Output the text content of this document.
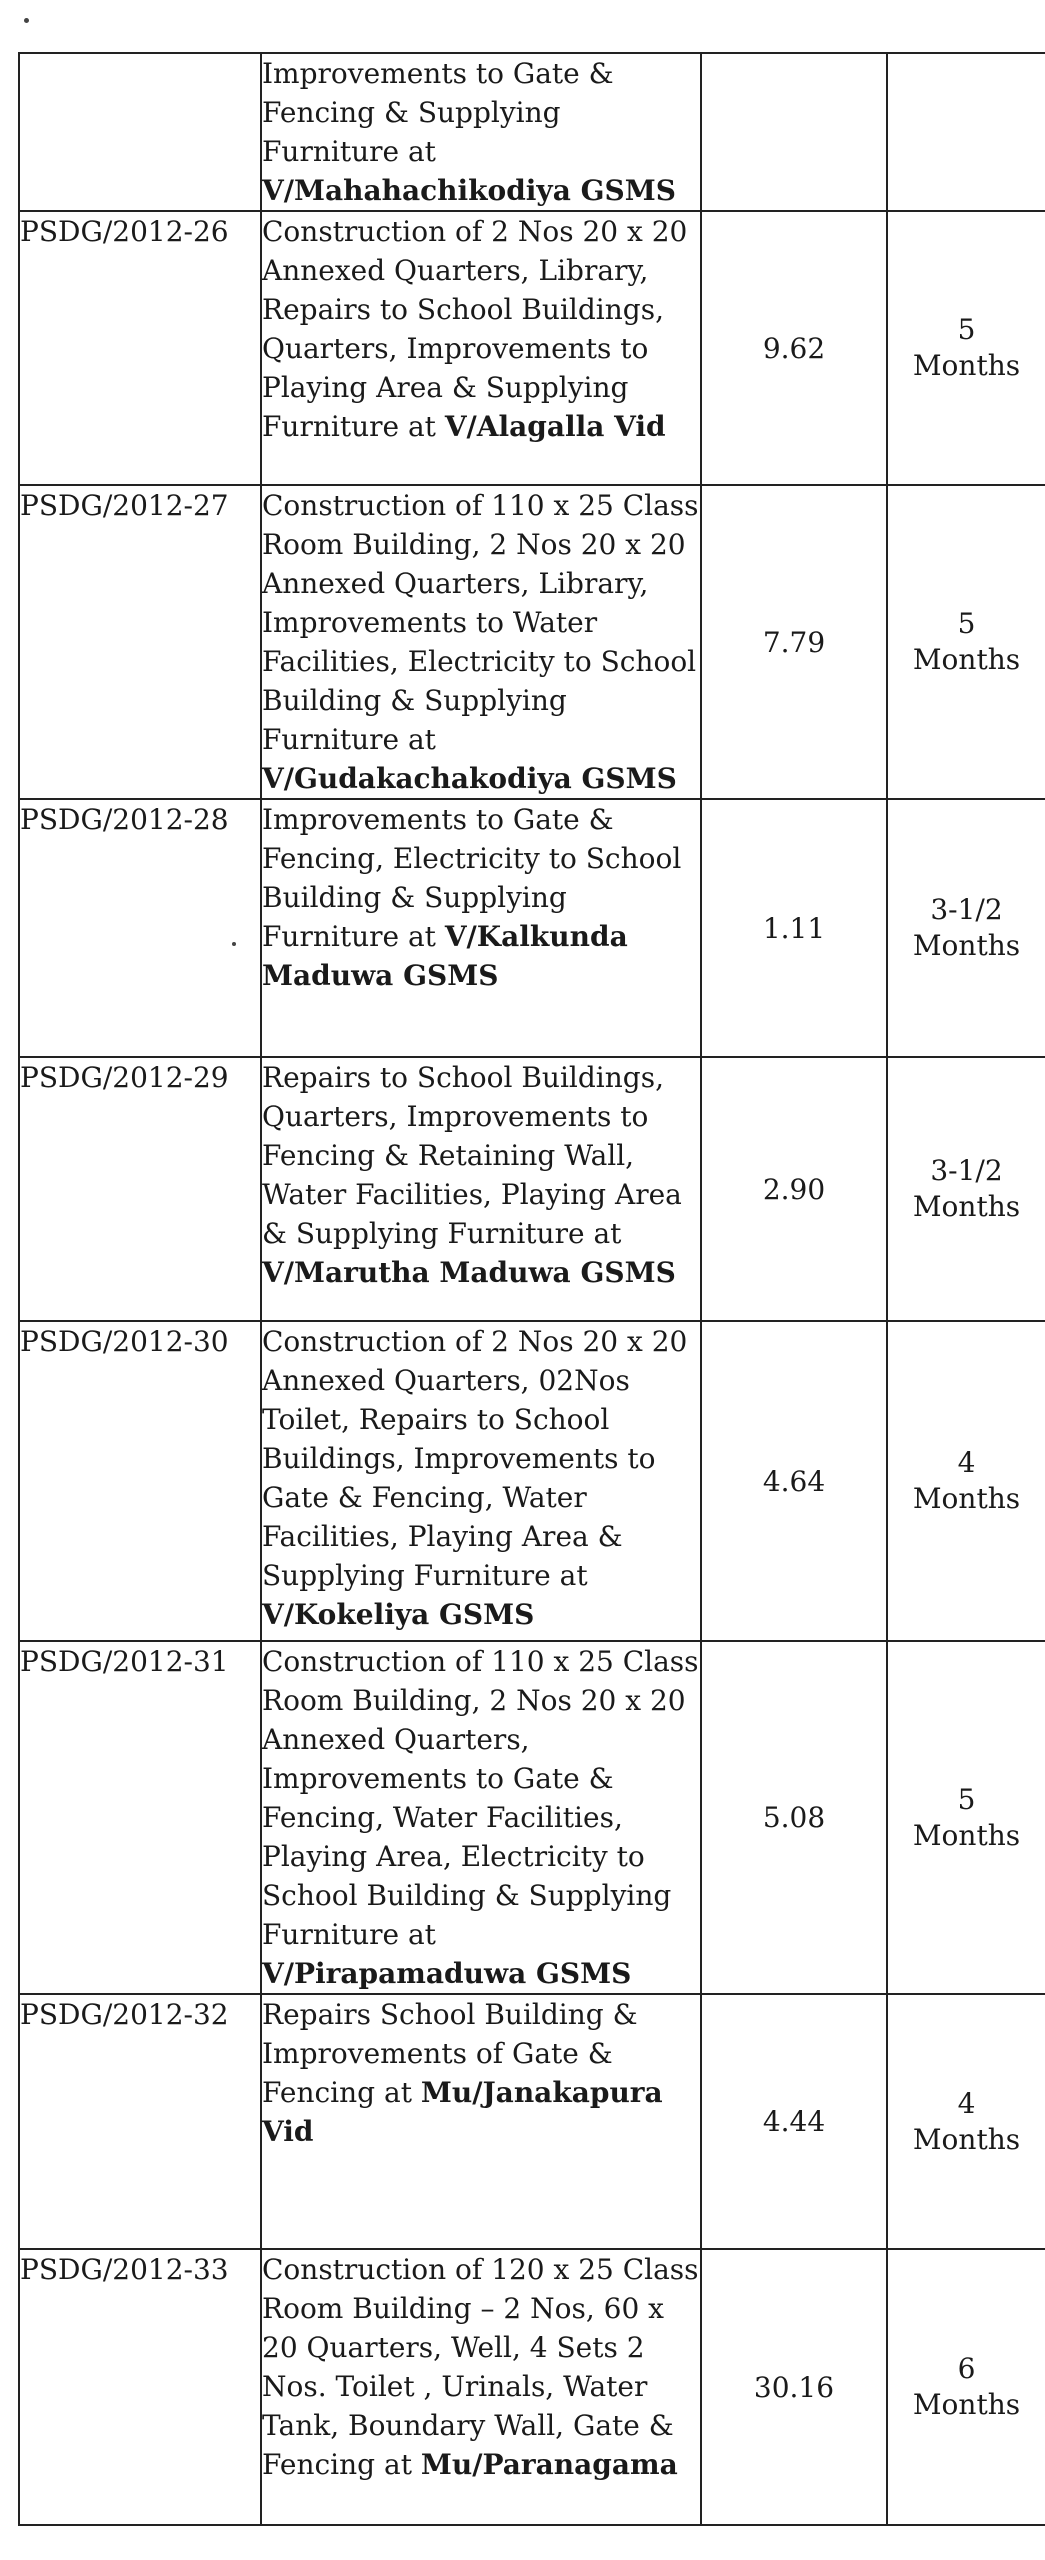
	Improvements to Gate & Fencing & Supplying Furniture at V/Mahahachikodiya GSMS		

PSDG/2012-26	Construction of 2 Nos 20 x 20 Annexed Quarters, Library, Repairs to School Buildings, Quarters, Improvements to Playing Area & Supplying Furniture at V/Alagalla Vid	9.62	5
Months

PSDG/2012-27	Construction of 110 x 25 Class Room Building, 2 Nos 20 x 20 Annexed Quarters, Library, Improvements to Water Facilities, Electricity to School Building & Supplying Furniture at V/Gudakachakodiya GSMS	7.79	5
Months

PSDG/2012-28	Improvements to Gate & Fencing, Electricity to School Building & Supplying Furniture at V/Kalkunda Maduwa GSMS	1.11	3-1/2
Months

PSDG/2012-29	Repairs to School Buildings, Quarters, Improvements to Fencing & Retaining Wall, Water Facilities, Playing Area & Supplying Furniture at V/Marutha Maduwa GSMS	2.90	3-1/2
Months

PSDG/2012-30	Construction of 2 Nos 20 x 20 Annexed Quarters, 02Nos Toilet, Repairs to School Buildings, Improvements to Gate & Fencing, Water Facilities, Playing Area & Supplying Furniture at V/Kokeliya GSMS	4.64	4
Months

PSDG/2012-31	Construction of 110 x 25 Class Room Building, 2 Nos 20 x 20 Annexed Quarters, Improvements to Gate & Fencing, Water Facilities, Playing Area, Electricity to School Building & Supplying Furniture at V/Pirapamaduwa GSMS	5.08	5
Months

PSDG/2012-32	Repairs School Building & Improvements of Gate & Fencing at Mu/Janakapura Vid	4.44	4
Months

PSDG/2012-33	Construction of 120 x 25 Class Room Building – 2 Nos, 60 x 20 Quarters, Well, 4 Sets 2 Nos. Toilet , Urinals, Water Tank, Boundary Wall, Gate & Fencing at Mu/Paranagama	30.16	6
Months
